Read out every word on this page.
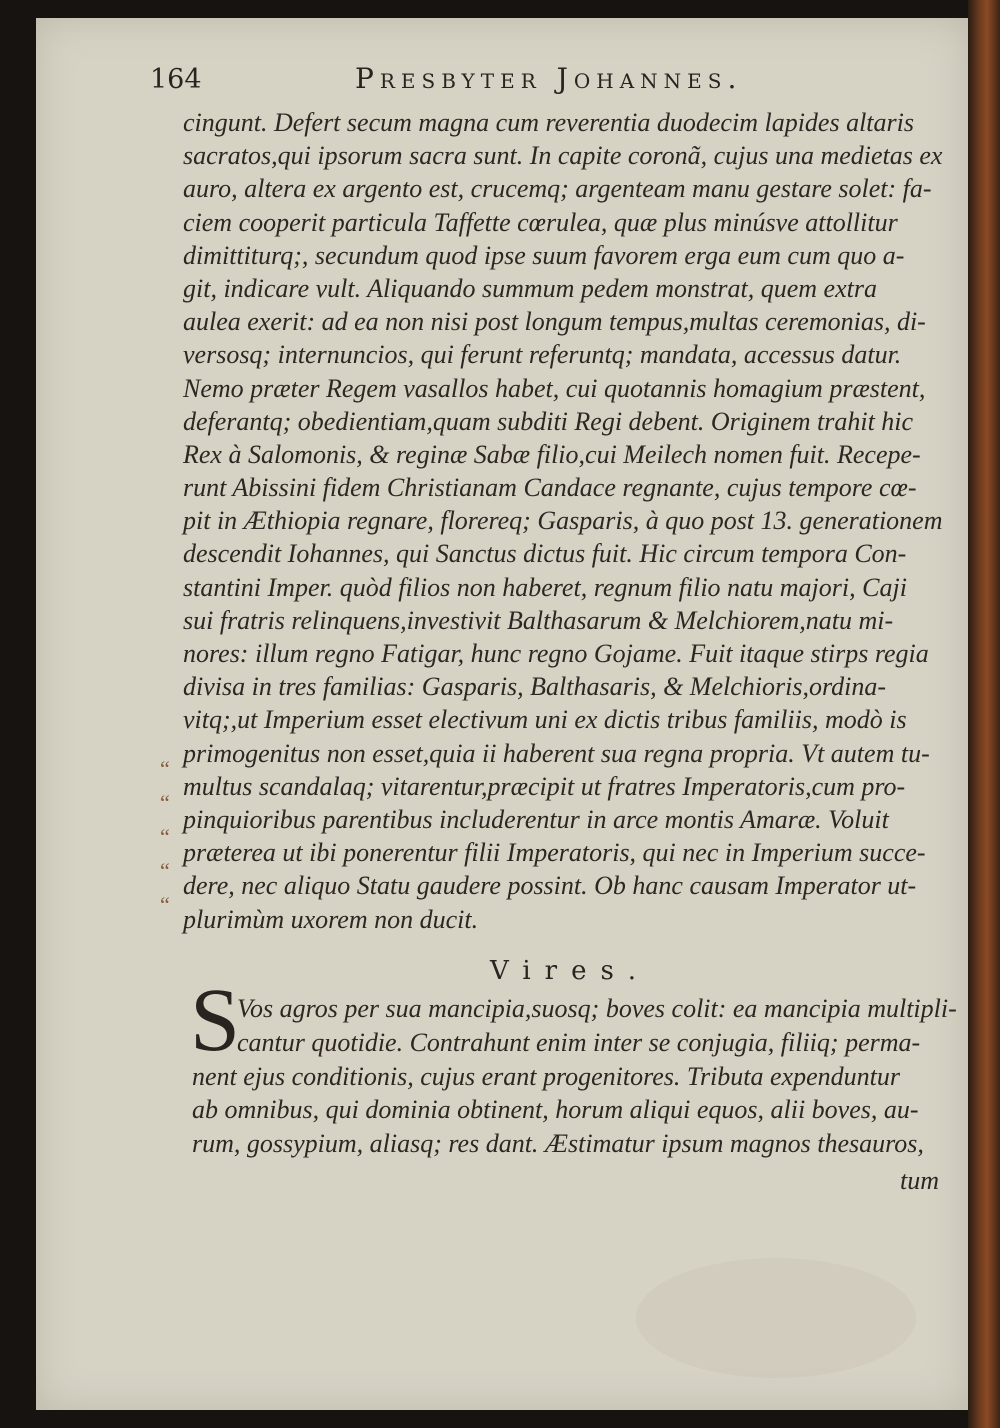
164	Presbyter Johannes.
cingunt. Defert secum magna cum reverentia duodecim lapides altaris
sacratos,qui ipsorum sacra sunt. In capite coronã, cujus una medietas ex
auro, altera ex argento est, crucemq; argenteam manu gestare solet: fa-
ciem cooperit particula Taffette cœrulea, quæ plus minúsve attollitur
dimittiturq;, secundum quod ipse suum favorem erga eum cum quo a-
git, indicare vult. Aliquando summum pedem monstrat, quem extra
aulea exerit: ad ea non nisi post longum tempus,multas ceremonias, di-
versosq; internuncios, qui ferunt referuntq; mandata, accessus datur.
Nemo præter Regem vasallos habet, cui quotannis homagium præstent,
deferantq; obedientiam,quam subditi Regi debent. Originem trahit hic
Rex à Salomonis, & reginæ Sabæ filio,cui Meilech nomen fuit. Recepe-
runt Abissini fidem Christianam Candace regnante, cujus tempore cœ-
pit in Æthiopia regnare, florereq; Gasparis, à quo post 13. generationem
descendit Iohannes, qui Sanctus dictus fuit. Hic circum tempora Con-
stantini Imper. quòd filios non haberet, regnum filio natu majori, Caji
sui fratris relinquens,investivit Balthasarum & Melchiorem,natu mi-
nores: illum regno Fatigar, hunc regno Gojame. Fuit itaque stirps regia
divisa in tres familias: Gasparis, Balthasaris, & Melchioris,ordina-
vitq;,ut Imperium esset electivum uni ex dictis tribus familiis, modò is
primogenitus non esset,quia ii haberent sua regna propria. Vt autem tu-
multus scandalaq; vitarentur,præcipit ut fratres Imperatoris,cum pro-
pinquioribus parentibus includerentur in arce montis Amaræ. Voluit
præterea ut ibi ponerentur filii Imperatoris, qui nec in Imperium succe-
dere, nec aliquo Statu gaudere possint. Ob hanc causam Imperator ut-
plurimùm uxorem non ducit.
“
“
“
“
“
Vires.
S
Vos agros per sua mancipia,suosq; boves colit: ea mancipia multipli-
cantur quotidie. Contrahunt enim inter se conjugia, filiiq; perma-
nent ejus conditionis, cujus erant progenitores. Tributa expenduntur
ab omnibus, qui dominia obtinent, horum aliqui equos, alii boves, au-
rum, gossypium, aliasq; res dant. Æstimatur ipsum magnos thesauros,
tum
